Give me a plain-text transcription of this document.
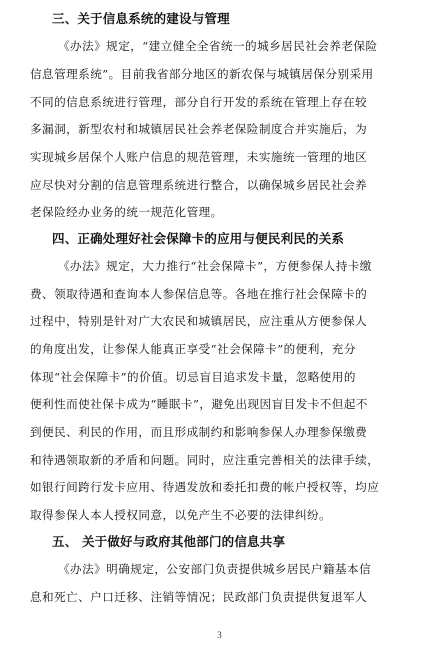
三、关于信息系统的建设与管理
《办法》规定，“建立健全全省统一的城乡居民社会养老保险
信息管理系统”。目前我省部分地区的新农保与城镇居保分别采用
不同的信息系统进行管理，部分自行开发的系统在管理上存在较
多漏洞，新型农村和城镇居民社会养老保险制度合并实施后，为
实现城乡居保个人账户信息的规范管理，未实施统一管理的地区
应尽快对分割的信息管理系统进行整合，以确保城乡居民社会养
老保险经办业务的统一规范化管理。
四、正确处理好社会保障卡的应用与便民利民的关系
《办法》规定，大力推行“社会保障卡”，方便参保人持卡缴
费、领取待遇和查询本人参保信息等。各地在推行社会保障卡的
过程中，特别是针对广大农民和城镇居民，应注重从方便参保人
的角度出发，让参保人能真正享受“社会保障卡”的便利，充分
体现“社会保障卡”的价值。切忌盲目追求发卡量，忽略使用的
便利性而使社保卡成为“睡眠卡”，避免出现因盲目发卡不但起不
到便民、利民的作用，而且形成制约和影响参保人办理参保缴费
和待遇领取新的矛盾和问题。同时，应注重完善相关的法律手续，
如银行间跨行发卡应用、待遇发放和委托扣费的帐户授权等，均应
取得参保人本人授权同意，以免产生不必要的法律纠纷。
五、 关于做好与政府其他部门的信息共享
《办法》明确规定，公安部门负责提供城乡居民户籍基本信
息和死亡、户口迁移、注销等情况；民政部门负责提供复退军人
3
